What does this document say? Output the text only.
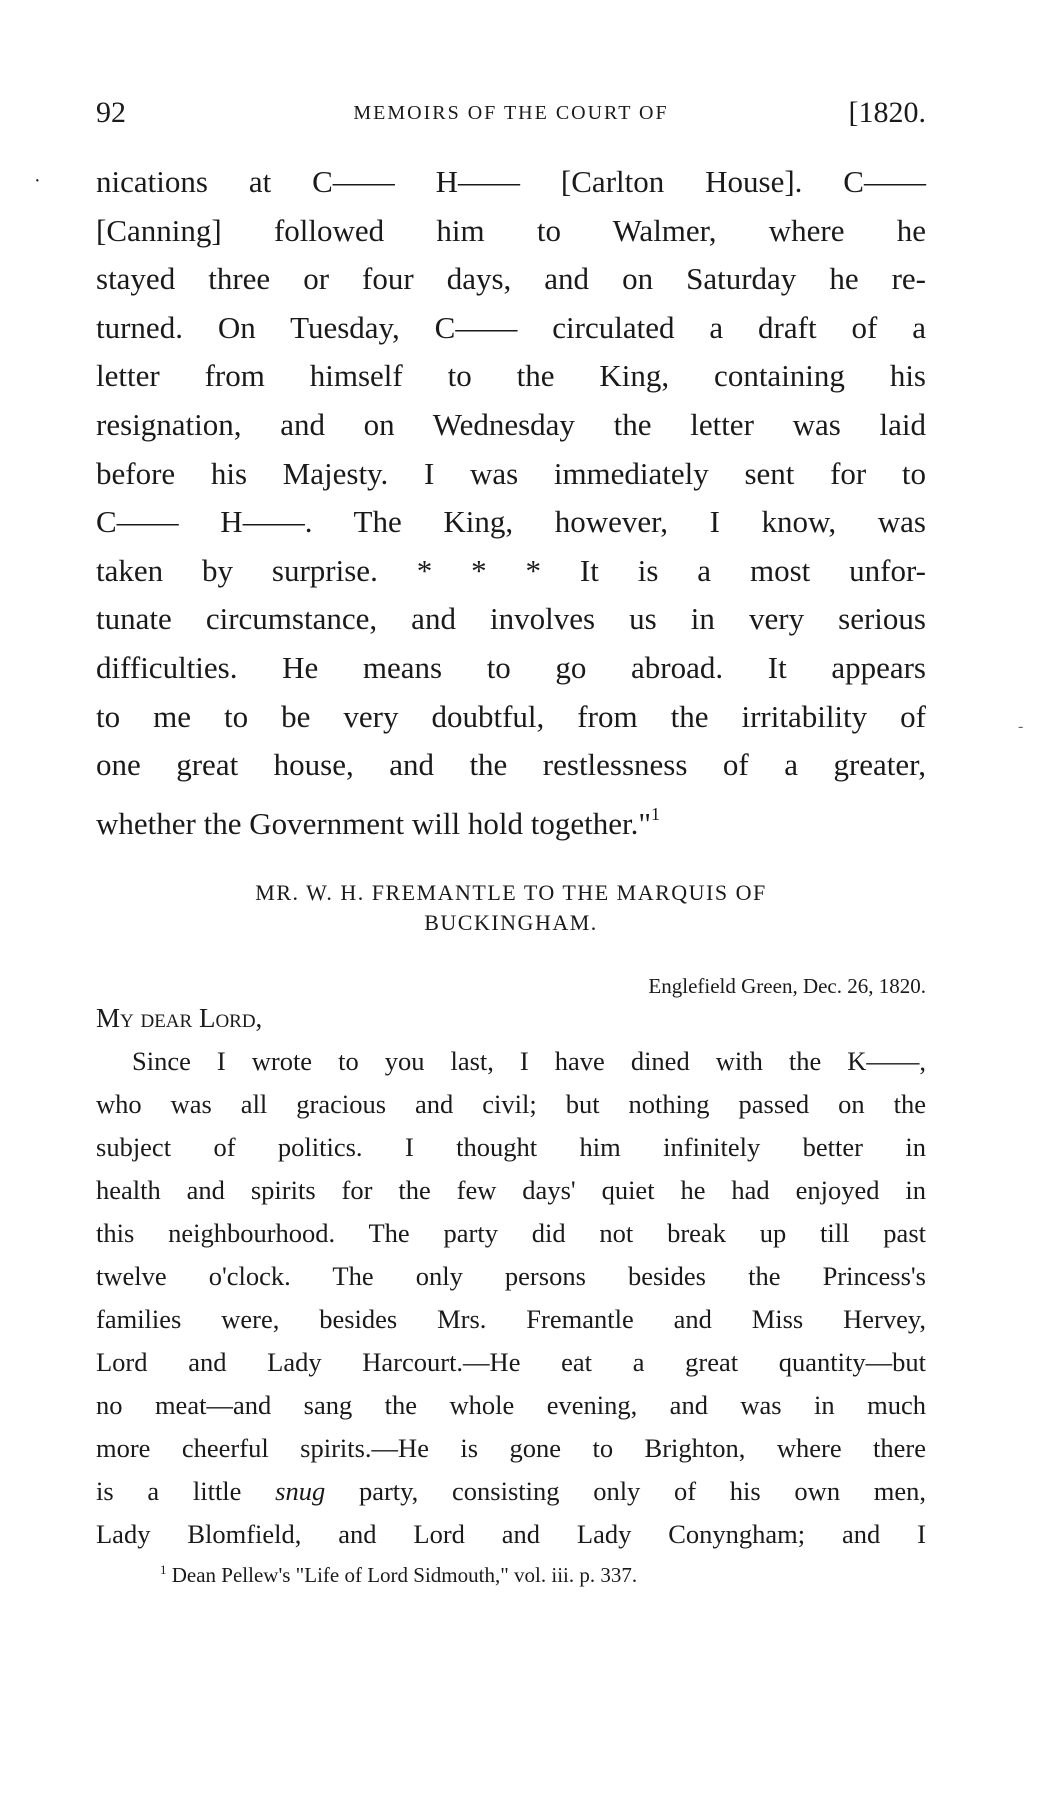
92	MEMOIRS OF THE COURT OF	[1820.
·
-
nications at C—— H—— [Carlton House]. C——
[Canning] followed him to Walmer, where he
stayed three or four days, and on Saturday he re-
turned. On Tuesday, C—— circulated a draft of a
letter from himself to the King, containing his
resignation, and on Wednesday the letter was laid
before his Majesty. I was immediately sent for to
C—— H——. The King, however, I know, was
taken by surprise. * * * It is a most unfor-
tunate circumstance, and involves us in very serious
difficulties. He means to go abroad. It appears
to me to be very doubtful, from the irritability of
one great house, and the restlessness of a greater,
whether the Government will hold together."$^1$
MR. W. H. FREMANTLE TO THE MARQUIS OF
BUCKINGHAM.
Englefield Green, Dec. 26, 1820.
My dear Lord,
Since I wrote to you last, I have dined with the K——,
who was all gracious and civil; but nothing passed on the
subject of politics. I thought him infinitely better in
health and spirits for the few days' quiet he had enjoyed in
this neighbourhood. The party did not break up till past
twelve o'clock. The only persons besides the Princess's
families were, besides Mrs. Fremantle and Miss Hervey,
Lord and Lady Harcourt.—He eat a great quantity—but
no meat—and sang the whole evening, and was in much
more cheerful spirits.—He is gone to Brighton, where there
is a little snug party, consisting only of his own men,
Lady Blomfield, and Lord and Lady Conyngham; and I
$^1$ Dean Pellew's "Life of Lord Sidmouth," vol. iii. p. 337.
